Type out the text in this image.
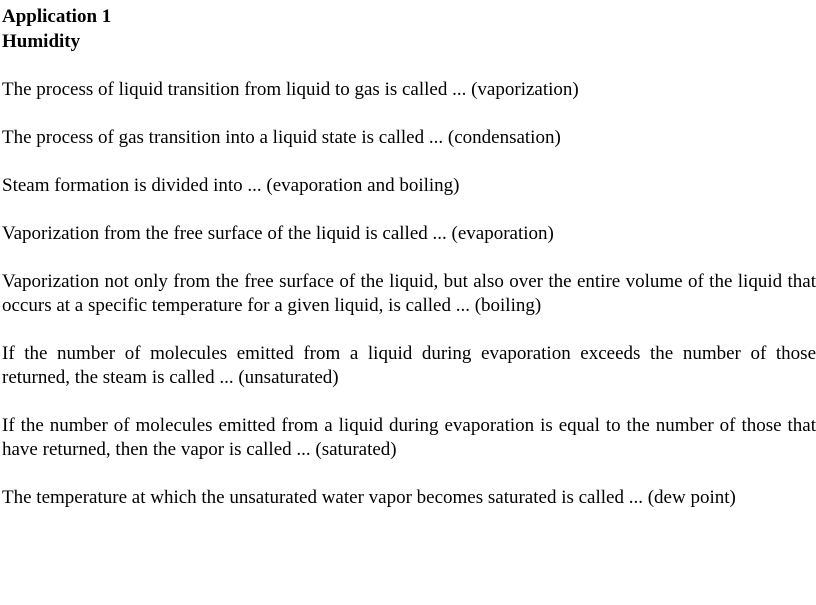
Application 1
Humidity

The process of liquid transition from liquid to gas is called ... (vaporization)

The process of gas transition into a liquid state is called ... (condensation)

Steam formation is divided into ... (evaporation and boiling)

Vaporization from the free surface of the liquid is called ... (evaporation)

Vaporization not only from the free surface of the liquid, but also over the entire volume of the liquid that occurs at a specific temperature for a given liquid, is called ... (boiling)

If the number of molecules emitted from a liquid during evaporation exceeds the number of those returned, the steam is called ... (unsaturated)

If the number of molecules emitted from a liquid during evaporation is equal to the number of those that have returned, then the vapor is called ... (saturated)

The temperature at which the unsaturated water vapor becomes saturated is called ... (dew point)
